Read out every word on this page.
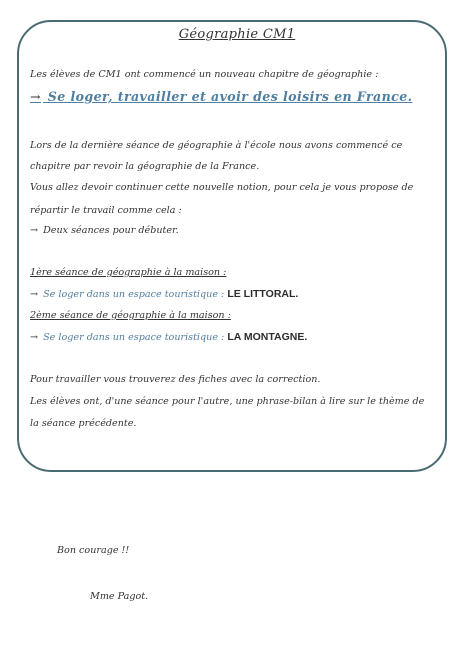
Géographie CM1
Les élèves de CM1 ont commencé un nouveau chapitre de géographie :
→ Se loger, travailler et avoir des loisirs en France.
Lors de la dernière séance de géographie à l'école nous avons commencé ce
chapitre par revoir la géographie de la France.
Vous allez devoir continuer cette nouvelle notion, pour cela je vous propose de
répartir le travail comme cela :
→ Deux séances pour débuter.
1ère séance de géographie à la maison :
→ Se loger dans un espace touristique : LE LITTORAL.
2ème séance de géographie à la maison :
→ Se loger dans un espace touristique : LA MONTAGNE.
Pour travailler vous trouverez des fiches avec la correction.
Les élèves ont, d'une séance pour l'autre, une phrase-bilan à lire sur le thème de
la séance précédente.
Bon courage !!
Mme Pagot.
